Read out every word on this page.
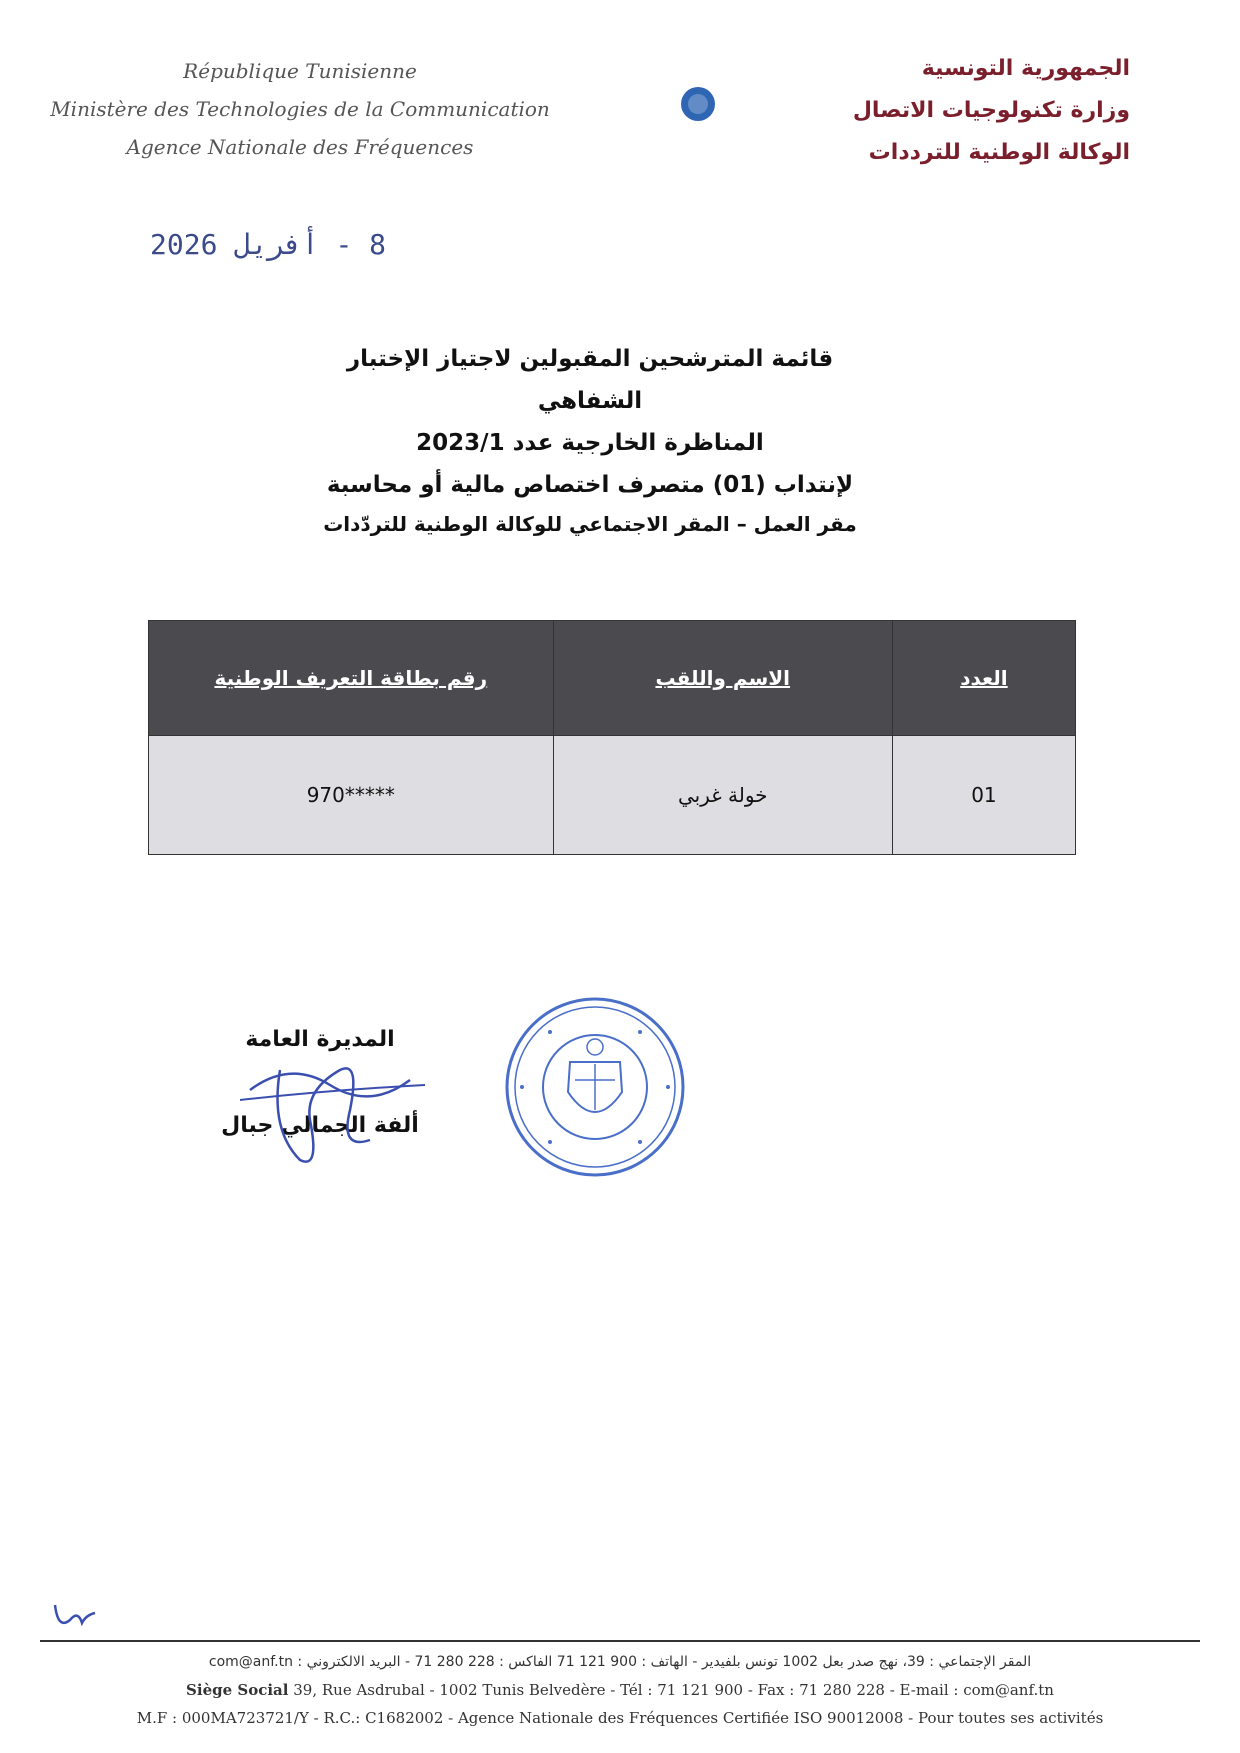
République Tunisienne
Ministère des Technologies de la Communication
Agence Nationale des Fréquences
الجمهورية التونسية
وزارة تكنولوجيات الاتصال
الوكالة الوطنية للترددات
8 - أفريل 2026
قائمة المترشحين المقبولين لاجتياز الإختبار الشفاهي
المناظرة الخارجية عدد 2023/1
لإنتداب (01) متصرف اختصاص مالية أو محاسبة
مقر العمل – المقر الاجتماعي للوكالة الوطنية للتردّدات
العدد	الاسم واللقب	رقم بطاقة التعريف الوطنية
01	خولة غربي	*****970
المديرة العامة
ألفة الجمالي جبال
المقر الإجتماعي : 39، نهج صدر بعل 1002 تونس بلفيدير - الهاتف : 900 121 71 الفاكس : 228 280 71 - البريد الالكتروني : com@anf.tn
Siège Social 39, Rue Asdrubal - 1002 Tunis Belvedère - Tél : 71 121 900 - Fax : 71 280 228 - E-mail : com@anf.tn
M.F : 000MA723721/Y - R.C.: C1682002 - Agence Nationale des Fréquences Certifiée ISO 90012008 - Pour toutes ses activités
